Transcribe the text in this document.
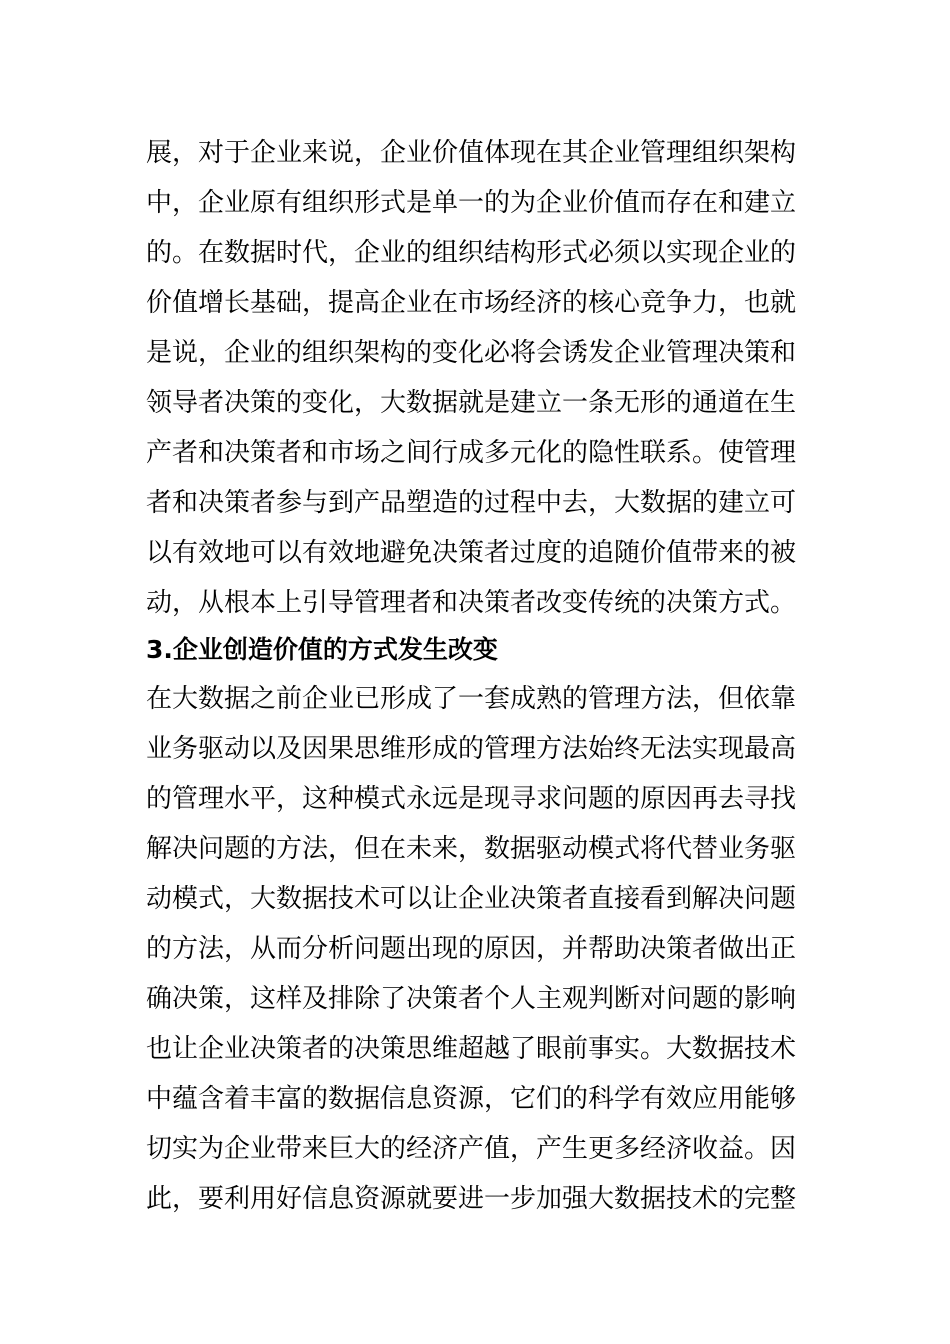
展，对于企业来说，企业价值体现在其企业管理组织架构
中，企业原有组织形式是单一的为企业价值而存在和建立
的。在数据时代，企业的组织结构形式必须以实现企业的
价值增长基础，提高企业在市场经济的核心竞争力，也就
是说，企业的组织架构的变化必将会诱发企业管理决策和
领导者决策的变化，大数据就是建立一条无形的通道在生
产者和决策者和市场之间行成多元化的隐性联系。使管理
者和决策者参与到产品塑造的过程中去，大数据的建立可
以有效地可以有效地避免决策者过度的追随价值带来的被
动，从根本上引导管理者和决策者改变传统的决策方式。
3.企业创造价值的方式发生改变
在大数据之前企业已形成了一套成熟的管理方法，但依靠
业务驱动以及因果思维形成的管理方法始终无法实现最高
的管理水平，这种模式永远是现寻求问题的原因再去寻找
解决问题的方法，但在未来，数据驱动模式将代替业务驱
动模式，大数据技术可以让企业决策者直接看到解决问题
的方法，从而分析问题出现的原因，并帮助决策者做出正
确决策，这样及排除了决策者个人主观判断对问题的影响
也让企业决策者的决策思维超越了眼前事实。大数据技术
中蕴含着丰富的数据信息资源，它们的科学有效应用能够
切实为企业带来巨大的经济产值，产生更多经济收益。因
此，要利用好信息资源就要进一步加强大数据技术的完整
